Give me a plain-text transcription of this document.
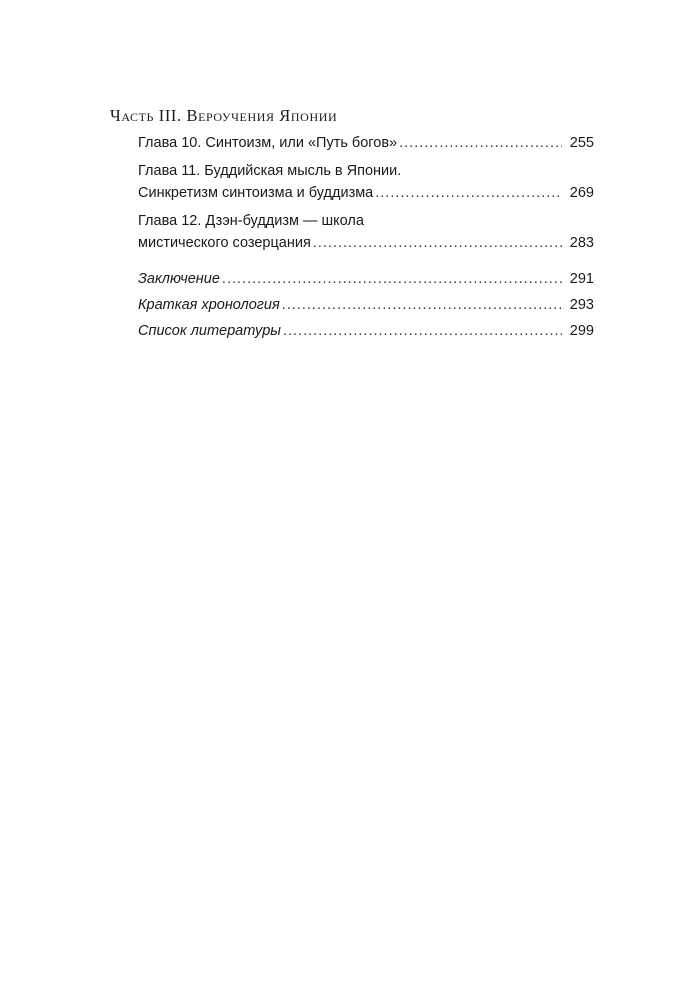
Часть III. Вероучения Японии
Глава 10. Синтоизм, или «Путь богов» .....	255
Глава 11. Буддийская мысль в Японии.
Синкретизм синтоизма и буддизма .....	269
Глава 12. Дзэн-буддизм — школа
мистического созерцания .....	283
Заключение .....	291
Краткая хронология .....	293
Список литературы .....	299
